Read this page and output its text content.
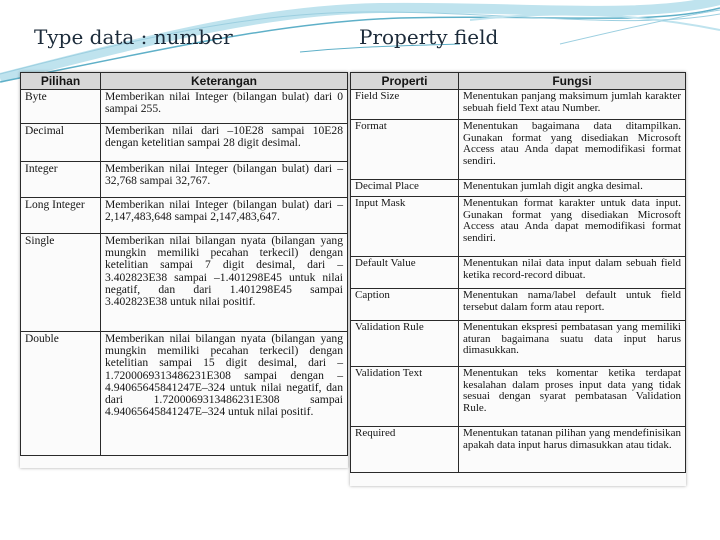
Type data : number	Property field
Pilihan	Keterangan
Byte	Memberikan nilai Integer (bilangan bulat) dari 0 sampai 255.
Decimal	Memberikan nilai dari –10E28 sampai 10E28 dengan ketelitian sampai 28 digit desimal.
Integer	Memberikan nilai Integer (bilangan bulat) dari –32,768 sampai 32,767.
Long Integer	Memberikan nilai Integer (bilangan bulat) dari –2,147,483,648 sampai 2,147,483,647.
Single	Memberikan nilai bilangan nyata (bilangan yang mungkin memiliki pecahan terkecil) dengan ketelitian sampai 7 digit desimal, dari –3.402823E38 sampai –1.401298E45 untuk nilai negatif, dan dari 1.401298E45 sampai 3.402823E38 untuk nilai positif.
Double	Memberikan nilai bilangan nyata (bilangan yang mungkin memiliki pecahan terkecil) dengan ketelitian sampai 15 digit desimal, dari –1.7200069313486231E308 sampai dengan –4.94065645841247E–324 untuk nilai negatif, dan dari 1.7200069313486231E308 sampai 4.94065645841247E–324 untuk nilai positif.
Properti	Fungsi
Field Size	Menentukan panjang maksimum jumlah karakter sebuah field Text atau Number.
Format	Menentukan bagaimana data ditampilkan. Gunakan format yang disediakan Microsoft Access atau Anda dapat memodifikasi format sendiri.
Decimal Place	Menentukan jumlah digit angka desimal.
Input Mask	Menentukan format karakter untuk data input. Gunakan format yang disediakan Microsoft Access atau Anda dapat memodifikasi format sendiri.
Default Value	Menentukan nilai data input dalam sebuah field ketika record-record dibuat.
Caption	Menentukan nama/label default untuk field tersebut dalam form atau report.
Validation Rule	Menentukan ekspresi pembatasan yang memiliki aturan bagaimana suatu data input harus dimasukkan.
Validation Text	Menentukan teks komentar ketika terdapat kesalahan dalam proses input data yang tidak sesuai dengan syarat pembatasan Validation Rule.
Required	Menentukan tatanan pilihan yang mendefinisikan apakah data input harus dimasukkan atau tidak.
